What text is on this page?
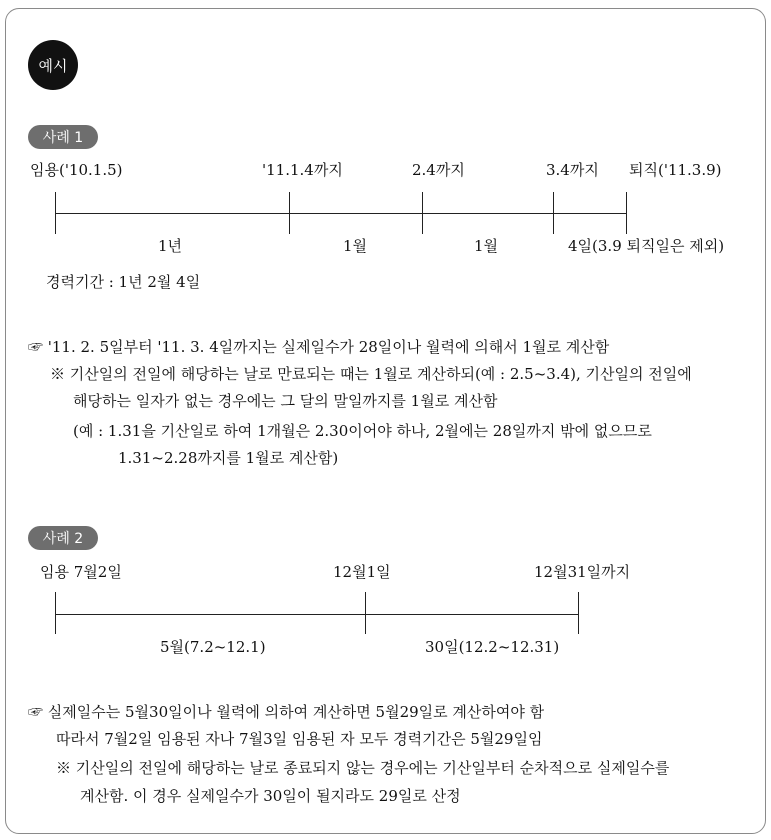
예시
사례 1
임용('10.1.5)	'11.1.4까지	2.4까지	3.4까지 퇴직('11.3.9)
1년	1월	1월	4일(3.9 퇴직일은 제외)
경력기간 : 1년 2월 4일
☞ '11. 2. 5일부터 '11. 3. 4일까지는 실제일수가 28일이나 월력에 의해서 1월로 계산함
※ 기산일의 전일에 해당하는 날로 만료되는 때는 1월로 계산하되(예 : 2.5~3.4), 기산일의 전일에
해당하는 일자가 없는 경우에는 그 달의 말일까지를 1월로 계산함
(예 : 1.31을 기산일로 하여 1개월은 2.30이어야 하나, 2월에는 28일까지 밖에 없으므로
1.31~2.28까지를 1월로 계산함)
사례 2
임용 7월2일	12월1일	12월31일까지
5월(7.2~12.1)	30일(12.2~12.31)
☞ 실제일수는 5월30일이나 월력에 의하여 계산하면 5월29일로 계산하여야 함
따라서 7월2일 임용된 자나 7월3일 임용된 자 모두 경력기간은 5월29일임
※ 기산일의 전일에 해당하는 날로 종료되지 않는 경우에는 기산일부터 순차적으로 실제일수를
계산함. 이 경우 실제일수가 30일이 될지라도 29일로 산정
